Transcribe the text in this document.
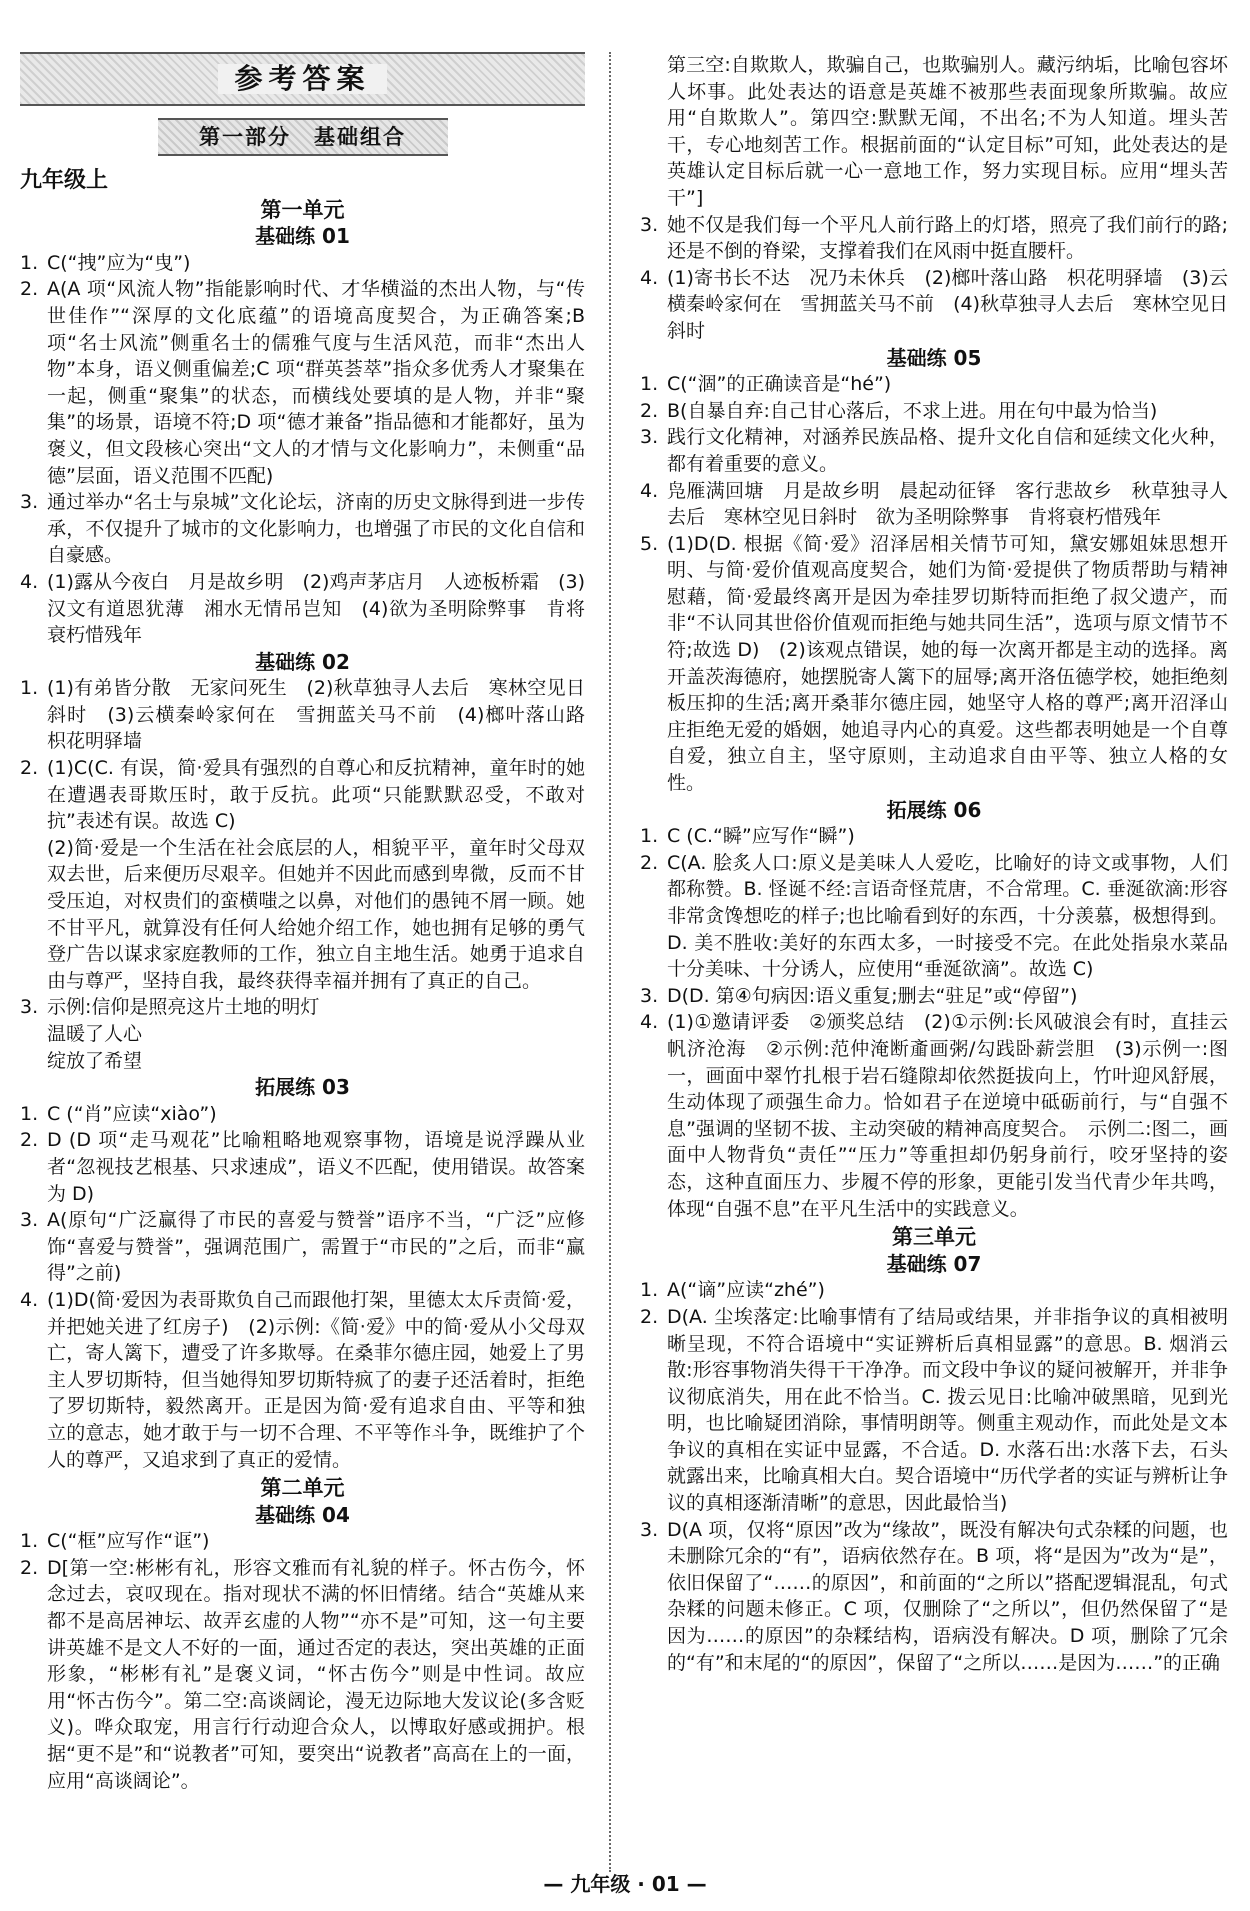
参考答案
第一部分　基础组合
九年级上
第一单元
基础练 01
1. C(“拽”应为“曳”)
2. A(A 项“风流人物”指能影响时代、才华横溢的杰出人物，与“传世佳作”“深厚的文化底蕴”的语境高度契合，为正确答案;B 项“名士风流”侧重名士的儒雅气度与生活风范，而非“杰出人物”本身，语义侧重偏差;C 项“群英荟萃”指众多优秀人才聚集在一起，侧重“聚集”的状态，而横线处要填的是人物，并非“聚集”的场景，语境不符;D 项“德才兼备”指品德和才能都好，虽为褒义，但文段核心突出“文人的才情与文化影响力”，未侧重“品德”层面，语义范围不匹配)
3. 通过举办“名士与泉城”文化论坛，济南的历史文脉得到进一步传承，不仅提升了城市的文化影响力，也增强了市民的文化自信和自豪感。
4. (1)露从今夜白　月是故乡明　(2)鸡声茅店月　人迹板桥霜　(3)汉文有道恩犹薄　湘水无情吊岂知　(4)欲为圣明除弊事　肯将衰朽惜残年
基础练 02
1. (1)有弟皆分散　无家问死生　(2)秋草独寻人去后　寒林空见日斜时　(3)云横秦岭家何在　雪拥蓝关马不前　(4)榔叶落山路　枳花明驿墙
2. (1)C(C. 有误，简·爱具有强烈的自尊心和反抗精神，童年时的她在遭遇表哥欺压时，敢于反抗。此项“只能默默忍受，不敢对抗”表述有误。故选 C)
(2)简·爱是一个生活在社会底层的人，相貌平平，童年时父母双双去世，后来便历尽艰辛。但她并不因此而感到卑微，反而不甘受压迫，对权贵们的蛮横嗤之以鼻，对他们的愚钝不屑一顾。她不甘平凡，就算没有任何人给她介绍工作，她也拥有足够的勇气登广告以谋求家庭教师的工作，独立自主地生活。她勇于追求自由与尊严，坚持自我，最终获得幸福并拥有了真正的自己。
3. 示例:信仰是照亮这片土地的明灯
温暖了人心
绽放了希望
拓展练 03
1. C (“肖”应读“xiào”)
2. D (D 项“走马观花”比喻粗略地观察事物，语境是说浮躁从业者“忽视技艺根基、只求速成”，语义不匹配，使用错误。故答案为 D)
3. A(原句“广泛赢得了市民的喜爱与赞誉”语序不当，“广泛”应修饰“喜爱与赞誉”，强调范围广，需置于“市民的”之后，而非“赢得”之前)
4. (1)D(简·爱因为表哥欺负自己而跟他打架，里德太太斥责简·爱，并把她关进了红房子)　(2)示例:《简·爱》中的简·爱从小父母双亡，寄人篱下，遭受了许多欺辱。在桑菲尔德庄园，她爱上了男主人罗切斯特，但当她得知罗切斯特疯了的妻子还活着时，拒绝了罗切斯特，毅然离开。正是因为简·爱有追求自由、平等和独立的意志，她才敢于与一切不合理、不平等作斗争，既维护了个人的尊严，又追求到了真正的爱情。
第二单元
基础练 04
1. C(“框”应写作“诓”)
2. D[第一空:彬彬有礼，形容文雅而有礼貌的样子。怀古伤今，怀念过去，哀叹现在。指对现状不满的怀旧情绪。结合“英雄从来都不是高居神坛、故弄玄虚的人物”“亦不是”可知，这一句主要讲英雄不是文人不好的一面，通过否定的表达，突出英雄的正面形象，“彬彬有礼”是褒义词，“怀古伤今”则是中性词。故应用“怀古伤今”。第二空:高谈阔论，漫无边际地大发议论(多含贬义)。哗众取宠，用言行行动迎合众人，以博取好感或拥护。根据“更不是”和“说教者”可知，要突出“说教者”高高在上的一面，应用“高谈阔论”。
第三空:自欺欺人，欺骗自己，也欺骗别人。藏污纳垢，比喻包容坏人坏事。此处表达的语意是英雄不被那些表面现象所欺骗。故应用“自欺欺人”。第四空:默默无闻，不出名;不为人知道。埋头苦干，专心地刻苦工作。根据前面的“认定目标”可知，此处表达的是英雄认定目标后就一心一意地工作，努力实现目标。应用“埋头苦干”]
3. 她不仅是我们每一个平凡人前行路上的灯塔，照亮了我们前行的路;还是不倒的脊梁，支撑着我们在风雨中挺直腰杆。
4. (1)寄书长不达　况乃未休兵　(2)榔叶落山路　枳花明驿墙　(3)云横秦岭家何在　雪拥蓝关马不前　(4)秋草独寻人去后　寒林空见日斜时
基础练 05
1. C(“涸”的正确读音是“hé”)
2. B(自暴自弃:自己甘心落后，不求上进。用在句中最为恰当)
3. 践行文化精神，对涵养民族品格、提升文化自信和延续文化火种，都有着重要的意义。
4. 凫雁满回塘　月是故乡明　晨起动征铎　客行悲故乡　秋草独寻人去后　寒林空见日斜时　欲为圣明除弊事　肯将衰朽惜残年
5. (1)D(D. 根据《简·爱》沼泽居相关情节可知，黛安娜姐妹思想开明、与简·爱价值观高度契合，她们为简·爱提供了物质帮助与精神慰藉，简·爱最终离开是因为牵挂罗切斯特而拒绝了叔父遗产，而非“不认同其世俗价值观而拒绝与她共同生活”，选项与原文情节不符;故选 D)　(2)该观点错误，她的每一次离开都是主动的选择。离开盖茨海德府，她摆脱寄人篱下的屈辱;离开洛伍德学校，她拒绝刻板压抑的生活;离开桑菲尔德庄园，她坚守人格的尊严;离开沼泽山庄拒绝无爱的婚姻，她追寻内心的真爱。这些都表明她是一个自尊自爱，独立自主，坚守原则，主动追求自由平等、独立人格的女性。
拓展练 06
1. C (C.“瞬”应写作“瞬”)
2. C(A. 脍炙人口:原义是美味人人爱吃，比喻好的诗文或事物，人们都称赞。B. 怪诞不经:言语奇怪荒唐，不合常理。C. 垂涎欲滴:形容非常贪馋想吃的样子;也比喻看到好的东西，十分羡慕，极想得到。D. 美不胜收:美好的东西太多，一时接受不完。在此处指泉水菜品十分美味、十分诱人，应使用“垂涎欲滴”。故选 C)
3. D(D. 第④句病因:语义重复;删去“驻足”或“停留”)
4. (1)①邀请评委　②颁奖总结　(2)①示例:长风破浪会有时，直挂云帆济沧海　②示例:范仲淹断齑画粥/勾践卧薪尝胆　(3)示例一:图一，画面中翠竹扎根于岩石缝隙却依然挺拔向上，竹叶迎风舒展，生动体现了顽强生命力。恰如君子在逆境中砥砺前行，与“自强不息”强调的坚韧不拔、主动突破的精神高度契合。　示例二:图二，画面中人物背负“责任”“压力”等重担却仍躬身前行，咬牙坚持的姿态，这种直面压力、步履不停的形象，更能引发当代青少年共鸣，体现“自强不息”在平凡生活中的实践意义。
第三单元
基础练 07
1. A(“谪”应读“zhé”)
2. D(A. 尘埃落定:比喻事情有了结局或结果，并非指争议的真相被明晰呈现，不符合语境中“实证辨析后真相显露”的意思。B. 烟消云散:形容事物消失得干干净净。而文段中争议的疑问被解开，并非争议彻底消失，用在此不恰当。C. 拨云见日:比喻冲破黑暗，见到光明，也比喻疑团消除，事情明朗等。侧重主观动作，而此处是文本争议的真相在实证中显露，不合适。D. 水落石出:水落下去，石头就露出来，比喻真相大白。契合语境中“历代学者的实证与辨析让争议的真相逐渐清晰”的意思，因此最恰当)
3. D(A 项，仅将“原因”改为“缘故”，既没有解决句式杂糅的问题，也未删除冗余的“有”，语病依然存在。B 项，将“是因为”改为“是”，依旧保留了“……的原因”，和前面的“之所以”搭配逻辑混乱，句式杂糅的问题未修正。C 项，仅删除了“之所以”，但仍然保留了“是因为……的原因”的杂糅结构，语病没有解决。D 项，删除了冗余的“有”和末尾的“的原因”，保留了“之所以……是因为……”的正确
— 九年级 · 01 —
